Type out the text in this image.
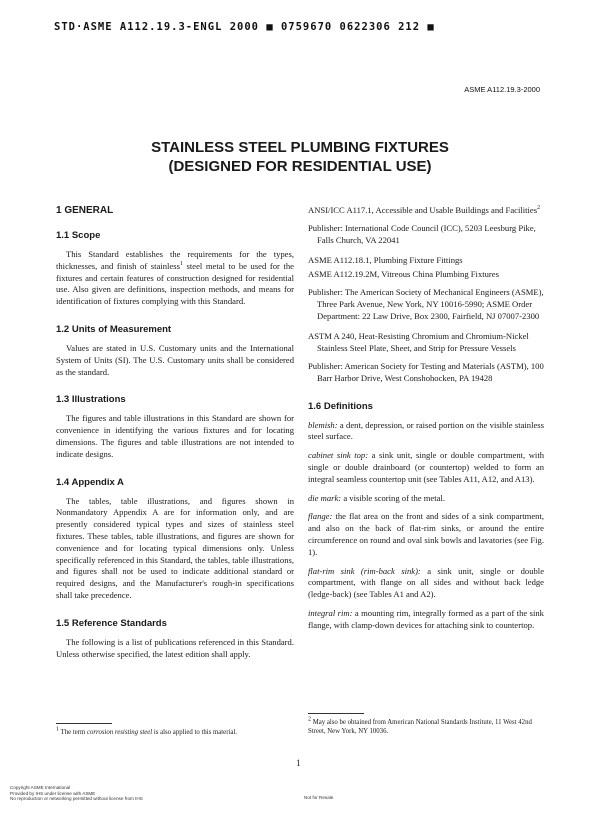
STD·ASME A112.19.3-ENGL 2000 ■ 0759670 0622306 212 ■
ASME A112.19.3-2000
STAINLESS STEEL PLUMBING FIXTURES
(DESIGNED FOR RESIDENTIAL USE)
1 GENERAL
1.1 Scope

This Standard establishes the requirements for the types, thicknesses, and finish of stainless$^1$ steel metal to be used for the fixtures and certain features of construction designed for residential use. Also given are definitions, inspection methods, and means for identification of fixtures complying with this Standard.

1.2 Units of Measurement

Values are stated in U.S. Customary units and the International System of Units (SI). The U.S. Customary units shall be considered as the standard.

1.3 Illustrations

The figures and table illustrations in this Standard are shown for convenience in identifying the various fixtures and for locating dimensions. The figures and table illustrations are not intended to indicate designs.

1.4 Appendix A

The tables, table illustrations, and figures shown in Nonmandatory Appendix A are for information only, and are presently considered typical types and sizes of stainless steel fixtures. These tables, table illustrations, and figures are shown for convenience and for locating typical dimensions only. Unless specifically referenced in this Standard, the tables, table illustrations, and figures shall not be used to indicate additional standard or required designs, and the Manufacturer's rough-in specifications shall take precedence.

1.5 Reference Standards

The following is a list of publications referenced in this Standard. Unless otherwise specified, the latest edition shall apply.

$^1$ The term corrosion resisting steel is also applied to this material.

ANSI/ICC A117.1, Accessible and Usable Buildings and Facilities$^2$

Publisher: International Code Council (ICC), 5203 Leesburg Pike, Falls Church, VA 22041

ASME A112.18.1, Plumbing Fixture Fittings

ASME A112.19.2M, Vitreous China Plumbing Fixtures

Publisher: The American Society of Mechanical Engineers (ASME), Three Park Avenue, New York, NY 10016-5990; ASME Order Department: 22 Law Drive, Box 2300, Fairfield, NJ 07007-2300

ASTM A 240, Heat-Resisting Chromium and Chromium-Nickel Stainless Steel Plate, Sheet, and Strip for Pressure Vessels

Publisher: American Society for Testing and Materials (ASTM), 100 Barr Harbor Drive, West Conshohocken, PA 19428

1.6 Definitions

blemish: a dent, depression, or raised portion on the visible stainless steel surface.

cabinet sink top: a sink unit, single or double compartment, with single or double drainboard (or countertop) welded to form an integral seamless countertop unit (see Tables A11, A12, and A13).

die mark: a visible scoring of the metal.

flange: the flat area on the front and sides of a sink compartment, and also on the back of flat-rim sinks, or around the entire circumference on round and oval sink bowls and lavatories (see Fig. 1).

flat-rim sink (rim-back sink): a sink unit, single or double compartment, with flange on all sides and without back ledge (ledge-back) (see Tables A1 and A2).

integral rim: a mounting rim, integrally formed as a part of the sink flange, with clamp-down devices for attaching sink to countertop.

$^2$ May also be obtained from American National Standards Institute, 11 West 42nd Street, New York, NY 10036.

1
Copyright ASME International
Provided by IHS under license with ASME
No reproduction or networking permitted without license from IHS	Not for Resale
